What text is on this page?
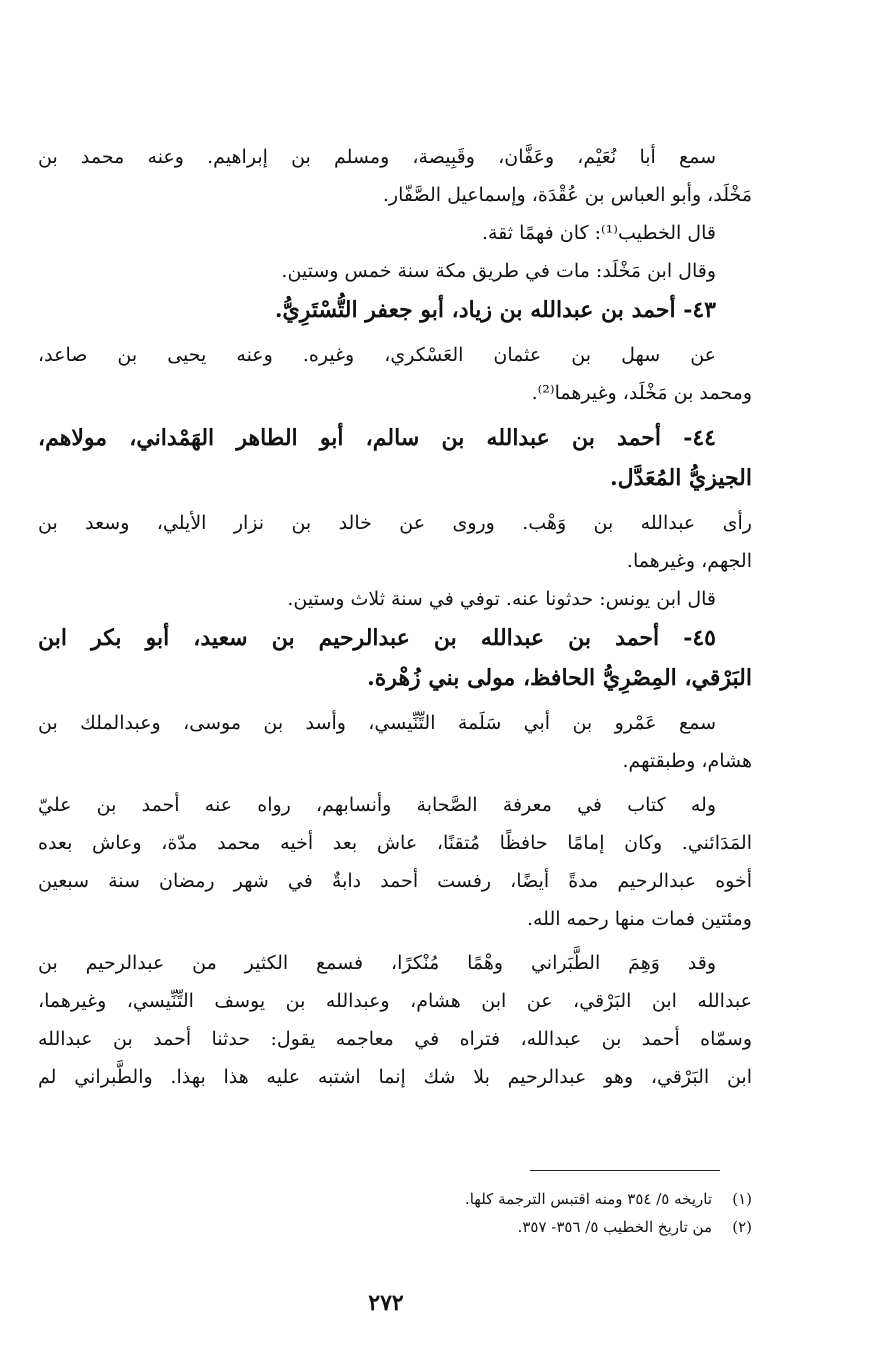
سمع أبا نُعَيْم، وعَفَّان، وقَبِيصة، ومسلم بن إبراهيم. وعنه محمد بن
مَخْلَد، وأبو العباس بن عُقْدَة، وإسماعيل الصَّفّار.
قال الخطيب⁽¹⁾: كان فهمًا ثقة.
وقال ابن مَخْلَد: مات في طريق مكة سنة خمس وستين.
٤٣- أحمد بن عبدالله بن زياد، أبو جعفر التُّسْتَرِيُّ.
عن سهل بن عثمان العَسْكري، وغيره. وعنه يحيى بن صاعد،
ومحمد بن مَخْلَد، وغيرهما⁽²⁾.
٤٤- أحمد بن عبدالله بن سالم، أبو الطاهر الهَمْداني، مولاهم،
الجيزيُّ المُعَدَّل.
رأى عبدالله بن وَهْب. وروى عن خالد بن نزار الأيلي، وسعد بن
الجهم، وغيرهما.
قال ابن يونس: حدثونا عنه. توفي في سنة ثلاث وستين.
٤٥- أحمد بن عبدالله بن عبدالرحيم بن سعيد، أبو بكر ابن
البَرْقي، المِصْرِيُّ الحافظ، مولى بني زُهْرة.
سمع عَمْرو بن أبي سَلَمة التِّنِّيسي، وأسد بن موسى، وعبدالملك بن
هشام، وطبقتهم.
وله كتاب في معرفة الصَّحابة وأنسابهم، رواه عنه أحمد بن عليّ
المَدَائني. وكان إمامًا حافظًا مُتقنًا، عاش بعد أخيه محمد مدّة، وعاش بعده
أخوه عبدالرحيم مدةً أيضًا، رفست أحمد دابةٌ في شهر رمضان سنة سبعين
ومئتين فمات منها رحمه الله.
وقد وَهِمَ الطَّبَراني وهْمًا مُنْكرًا، فسمع الكثير من عبدالرحيم بن
عبدالله ابن البَرْقي، عن ابن هشام، وعبدالله بن يوسف التِّنِّيسي، وغيرهما،
وسمّاه أحمد بن عبدالله، فتراه في معاجمه يقول: حدثنا أحمد بن عبدالله
ابن البَرْقي، وهو عبدالرحيم بلا شك إنما اشتبه عليه هذا بهذا. والطَّبراني لم
(١)تاريخه ٥/ ٣٥٤ ومنه اقتبس الترجمة كلها.
(٢)من تاريخ الخطيب ٥/ ٣٥٦- ٣٥٧.
٢٧٢
